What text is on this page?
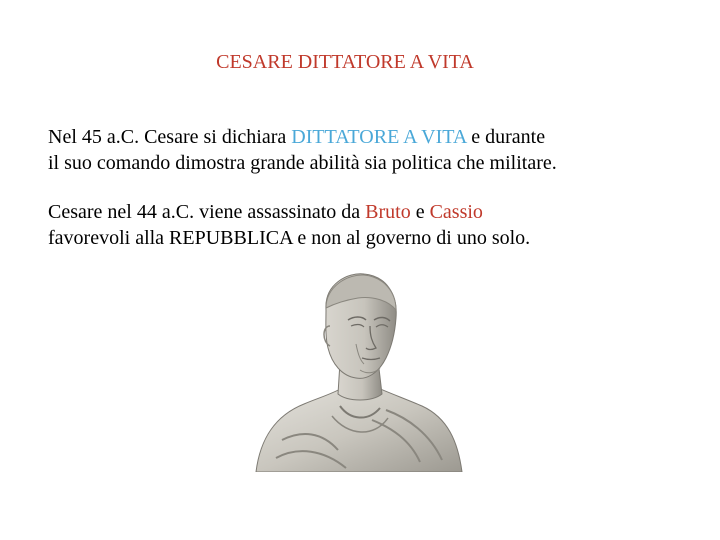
CESARE DITTATORE A VITA
Nel 45 a.C. Cesare si dichiara DITTATORE A VITA e durante
il suo comando dimostra grande abilità sia politica che militare.
Cesare nel 44 a.C. viene assassinato da Bruto e Cassio
favorevoli alla REPUBBLICA e non al governo di uno solo.
